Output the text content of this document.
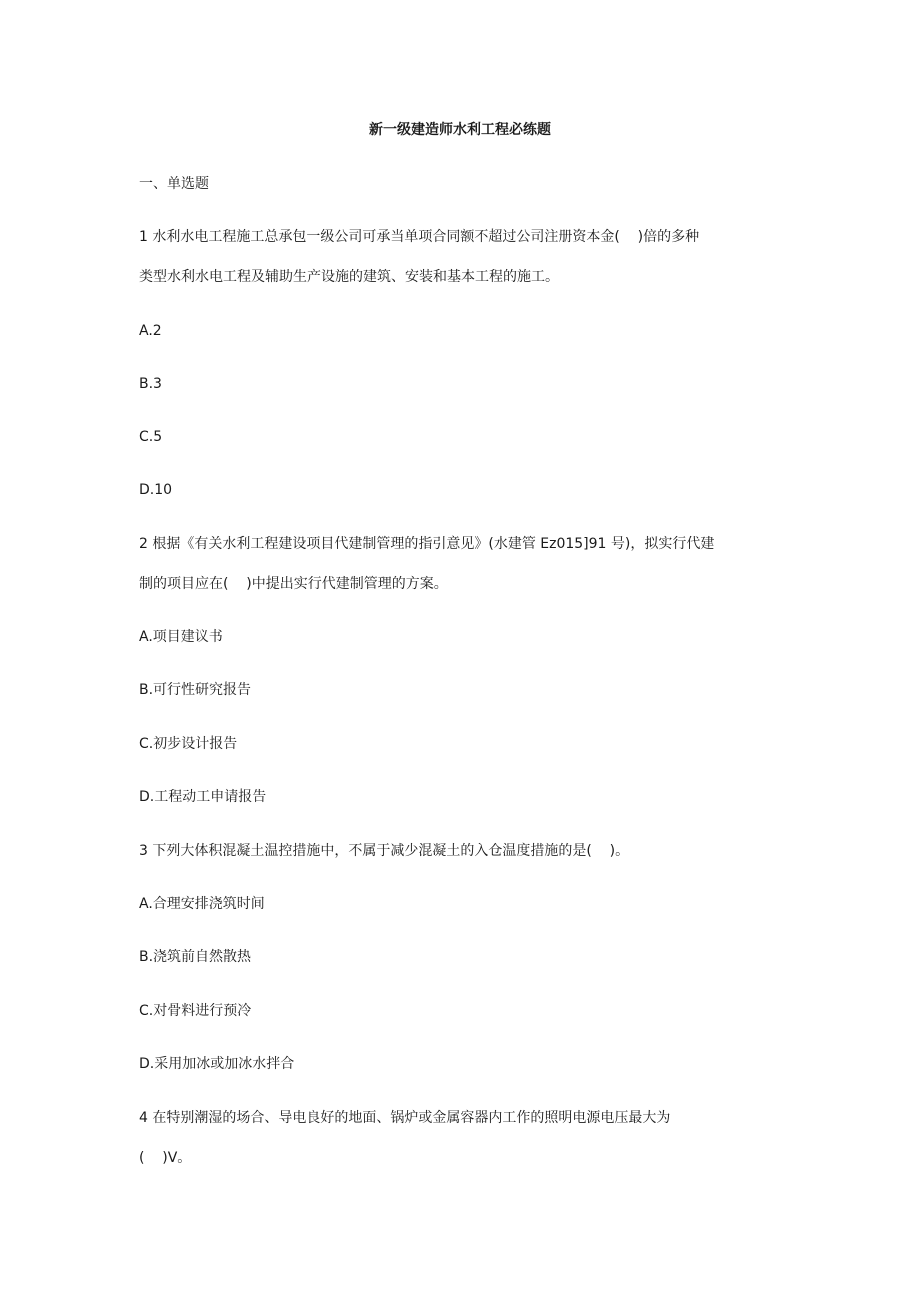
新一级建造师水利工程必练题
一、单选题
1 水利水电工程施工总承包一级公司可承当单项合同额不超过公司注册资本金(    )倍的多种
类型水利水电工程及辅助生产设施的建筑、安装和基本工程的施工。
A.2
B.3
C.5
D.10
2 根据《有关水利工程建设项目代建制管理的指引意见》(水建管 Ez015]91 号)，拟实行代建
制的项目应在(    )中提出实行代建制管理的方案。
A.项目建议书
B.可行性研究报告
C.初步设计报告
D.工程动工申请报告
3 下列大体积混凝土温控措施中，不属于减少混凝土的入仓温度措施的是(    )。
A.合理安排浇筑时间
B.浇筑前自然散热
C.对骨料进行预冷
D.采用加冰或加冰水拌合
4 在特别潮湿的场合、导电良好的地面、锅炉或金属容器内工作的照明电源电压最大为
(    )V。
